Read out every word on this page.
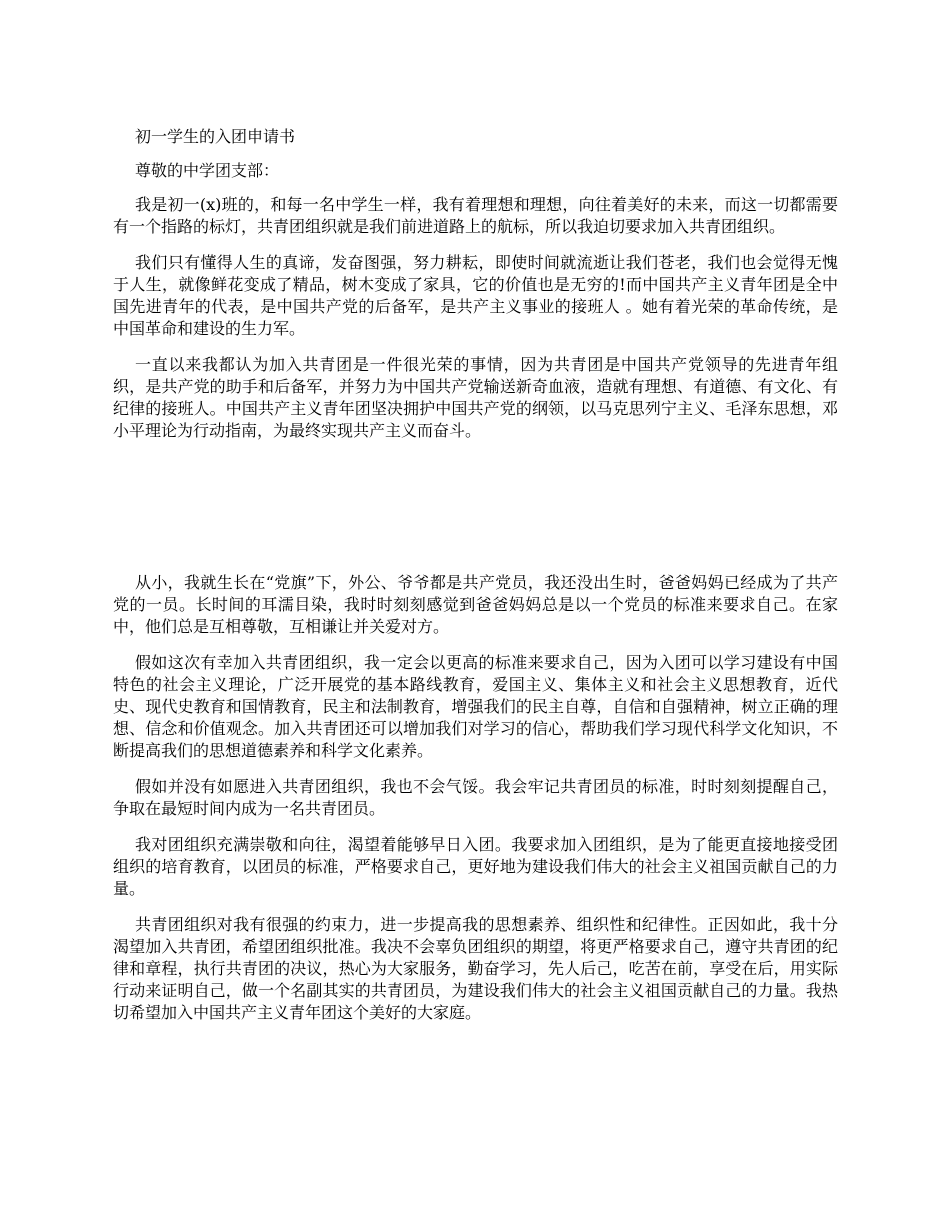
初一学生的入团申请书

尊敬的中学团支部：

我是初一(x)班的，和每一名中学生一样，我有着理想和理想，向往着美好的未来，而这一切都需要有一个指路的标灯，共青团组织就是我们前进道路上的航标，所以我迫切要求加入共青团组织。

我们只有懂得人生的真谛，发奋图强，努力耕耘，即使时间就流逝让我们苍老，我们也会觉得无愧于人生，就像鲜花变成了精品，树木变成了家具，它的价值也是无穷的!而中国共产主义青年团是全中国先进青年的代表，是中国共产党的后备军，是共产主义事业的接班人 。她有着光荣的革命传统，是中国革命和建设的生力军。

一直以来我都认为加入共青团是一件很光荣的事情，因为共青团是中国共产党领导的先进青年组织，是共产党的助手和后备军，并努力为中国共产党输送新奇血液，造就有理想、有道德、有文化、有纪律的接班人。中国共产主义青年团坚决拥护中国共产党的纲领，以马克思列宁主义、毛泽东思想，邓小平理论为行动指南，为最终实现共产主义而奋斗。

从小，我就生长在“党旗”下，外公、爷爷都是共产党员，我还没出生时，爸爸妈妈已经成为了共产党的一员。长时间的耳濡目染，我时时刻刻感觉到爸爸妈妈总是以一个党员的标准来要求自己。在家中，他们总是互相尊敬，互相谦让并关爱对方。

假如这次有幸加入共青团组织，我一定会以更高的标准来要求自己，因为入团可以学习建设有中国特色的社会主义理论，广泛开展党的基本路线教育，爱国主义、集体主义和社会主义思想教育，近代史、现代史教育和国情教育，民主和法制教育，增强我们的民主自尊，自信和自强精神，树立正确的理想、信念和价值观念。加入共青团还可以增加我们对学习的信心，帮助我们学习现代科学文化知识，不断提高我们的思想道德素养和科学文化素养。

假如并没有如愿进入共青团组织，我也不会气馁。我会牢记共青团员的标准，时时刻刻提醒自己，争取在最短时间内成为一名共青团员。

我对团组织充满崇敬和向往，渴望着能够早日入团。我要求加入团组织，是为了能更直接地接受团组织的培育教育，以团员的标准，严格要求自己，更好地为建设我们伟大的社会主义祖国贡献自己的力量。

共青团组织对我有很强的约束力，进一步提高我的思想素养、组织性和纪律性。正因如此，我十分渴望加入共青团，希望团组织批准。我决不会辜负团组织的期望，将更严格要求自己，遵守共青团的纪律和章程，执行共青团的决议，热心为大家服务，勤奋学习，先人后己，吃苦在前，享受在后，用实际行动来证明自己，做一个名副其实的共青团员，为建设我们伟大的社会主义祖国贡献自己的力量。我热切希望加入中国共产主义青年团这个美好的大家庭。
